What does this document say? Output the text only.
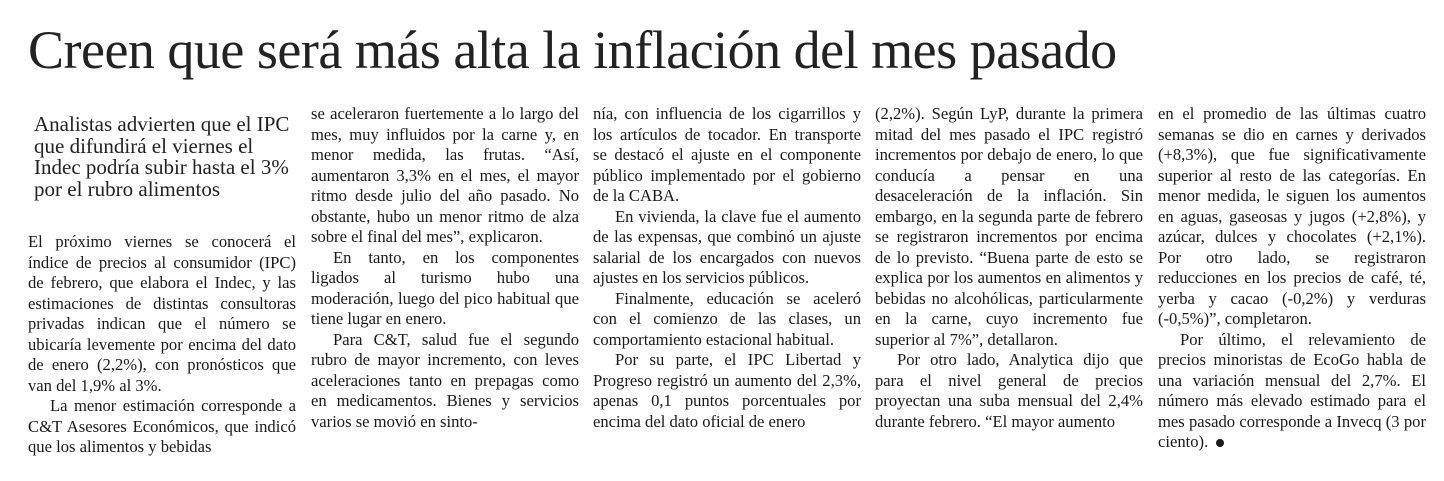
Creen que será más alta la inflación del mes pasado

Analistas advierten que el IPC que difundirá el viernes el Indec podría subir hasta el 3% por el rubro alimentos

El próximo viernes se conocerá el índice de precios al consumidor (IPC) de febrero, que elabora el Indec, y las estimaciones de distintas consultoras privadas indican que el número se ubicaría levemente por encima del dato de enero (2,2%), con pronósticos que van del 1,9% al 3%.

La menor estimación corresponde a C&T Asesores Económicos, que indicó que los alimentos y bebidas

se aceleraron fuertemente a lo largo del mes, muy influidos por la carne y, en menor medida, las frutas. “Así, aumentaron 3,3% en el mes, el mayor ritmo desde julio del año pasado. No obstante, hubo un menor ritmo de alza sobre el final del mes”, explicaron.

En tanto, en los componentes ligados al turismo hubo una moderación, luego del pico habitual que tiene lugar en enero.

Para C&T, salud fue el segundo rubro de mayor incremento, con leves aceleraciones tanto en prepagas como en medicamentos. Bienes y servicios varios se movió en sinto-

nía, con influencia de los cigarrillos y los artículos de tocador. En transporte se destacó el ajuste en el componente público implementado por el gobierno de la CABA.

En vivienda, la clave fue el aumento de las expensas, que combinó un ajuste salarial de los encargados con nuevos ajustes en los servicios públicos.

Finalmente, educación se aceleró con el comienzo de las clases, un comportamiento estacional habitual.

Por su parte, el IPC Libertad y Progreso registró un aumento del 2,3%, apenas 0,1 puntos porcentuales por encima del dato oficial de enero

(2,2%). Según LyP, durante la primera mitad del mes pasado el IPC registró incrementos por debajo de enero, lo que conducía a pensar en una desaceleración de la inflación. Sin embargo, en la segunda parte de febrero se registraron incrementos por encima de lo previsto. “Buena parte de esto se explica por los aumentos en alimentos y bebidas no alcohólicas, particularmente en la carne, cuyo incremento fue superior al 7%”, detallaron.

Por otro lado, Analytica dijo que para el nivel general de precios proyectan una suba mensual del 2,4% durante febrero. “El mayor aumento

en el promedio de las últimas cuatro semanas se dio en carnes y derivados (+8,3%), que fue significativamente superior al resto de las categorías. En menor medida, le siguen los aumentos en aguas, gaseosas y jugos (+2,8%), y azúcar, dulces y chocolates (+2,1%). Por otro lado, se registraron reducciones en los precios de café, té, yerba y cacao (-0,2%) y verduras (-0,5%)”, completaron.

Por último, el relevamiento de precios minoristas de EcoGo habla de una variación mensual del 2,7%. El número más elevado estimado para el mes pasado corresponde a Invecq (3 por ciento).
